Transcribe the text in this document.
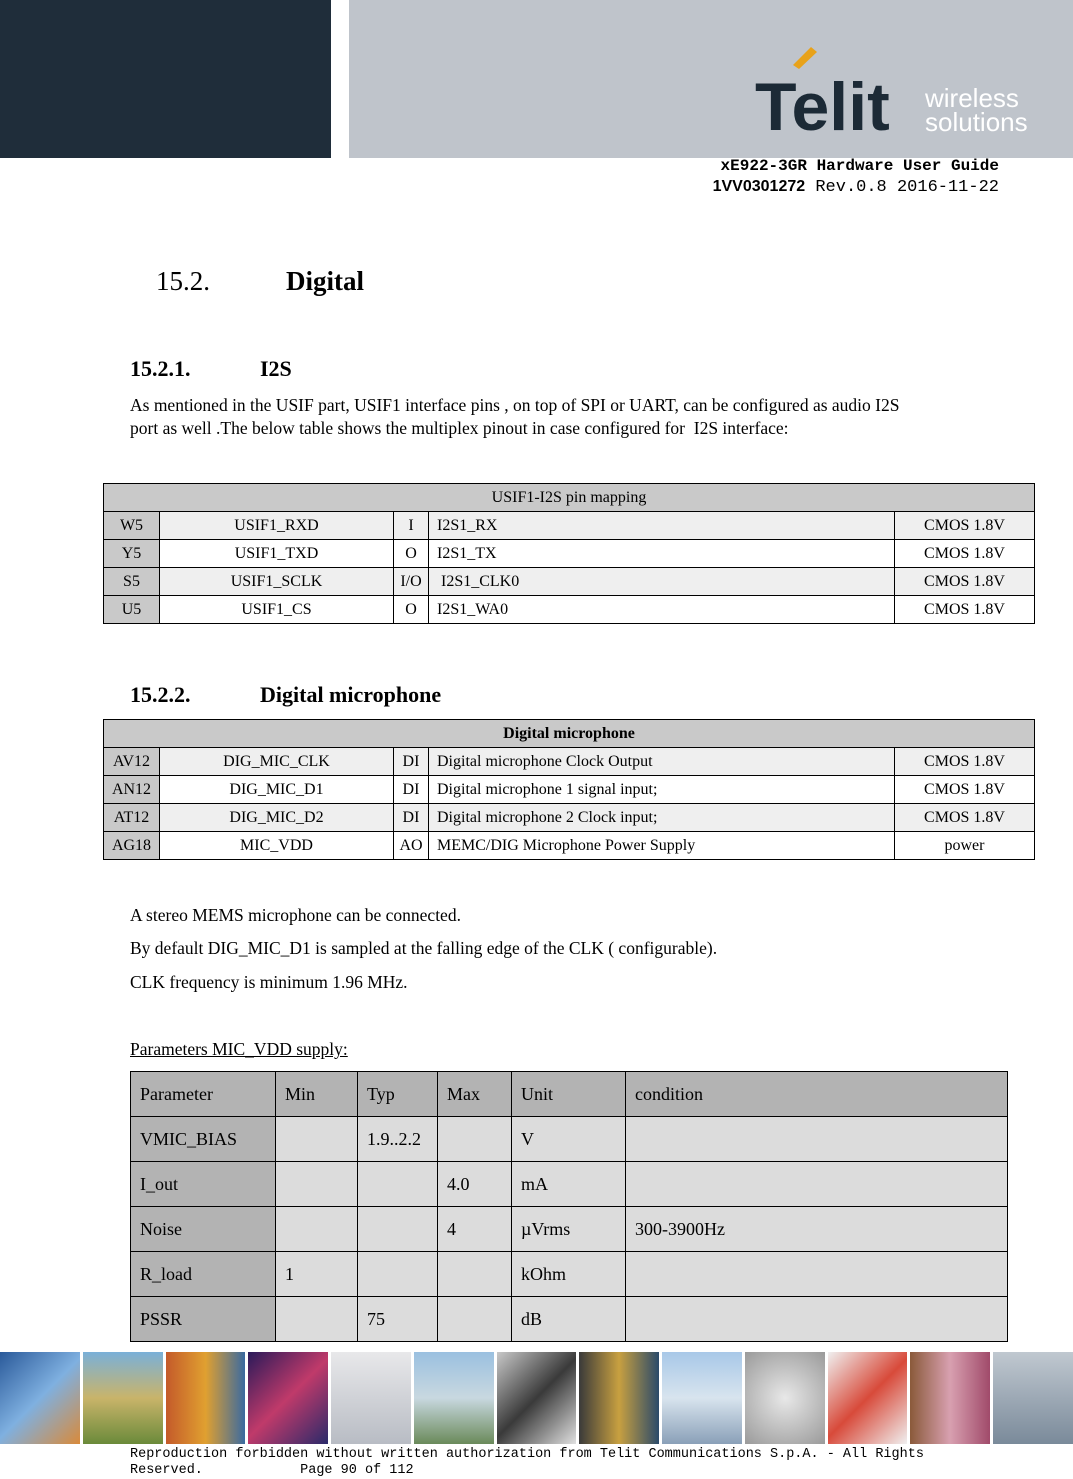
Telit wireless
solutions
xE922-3GR Hardware User Guide
1VV0301272 Rev.0.8 2016-11-22
15.2.	Digital
15.2.1.	I2S
As mentioned in the USIF part, USIF1 interface pins , on top of SPI or UART, can be configured as audio I2S
port as well .The below table shows the multiplex pinout in case configured for  I2S interface:
USIF1-I2S pin mapping				
W5	USIF1_RXD	I	I2S1_RX	CMOS 1.8V
Y5	USIF1_TXD	O	I2S1_TX	CMOS 1.8V
S5	USIF1_SCLK	I/O	I2S1_CLK0	CMOS 1.8V
U5	USIF1_CS	O	I2S1_WA0	CMOS 1.8V
15.2.2.	Digital microphone
Digital microphone				
AV12	DIG_MIC_CLK	DI	Digital microphone Clock Output	CMOS 1.8V
AN12	DIG_MIC_D1	DI	Digital microphone 1 signal input;	CMOS 1.8V
AT12	DIG_MIC_D2	DI	Digital microphone 2 Clock input;	CMOS 1.8V
AG18	MIC_VDD	AO	MEMC/DIG Microphone Power Supply	power
A stereo MEMS microphone can be connected.
By default DIG_MIC_D1 is sampled at the falling edge of the CLK ( configurable).
CLK frequency is minimum 1.96 MHz.
Parameters MIC_VDD supply:
Parameter	Min	Typ	Max	Unit	condition
VMIC_BIAS		1.9..2.2		V	
I_out			4.0	mA	
Noise			4	µVrms	300-3900Hz
R_load	1			kOhm	
PSSR		75		dB	
Reproduction forbidden without written authorization from Telit Communications S.p.A. - All Rights
Reserved.            Page 90 of 112
